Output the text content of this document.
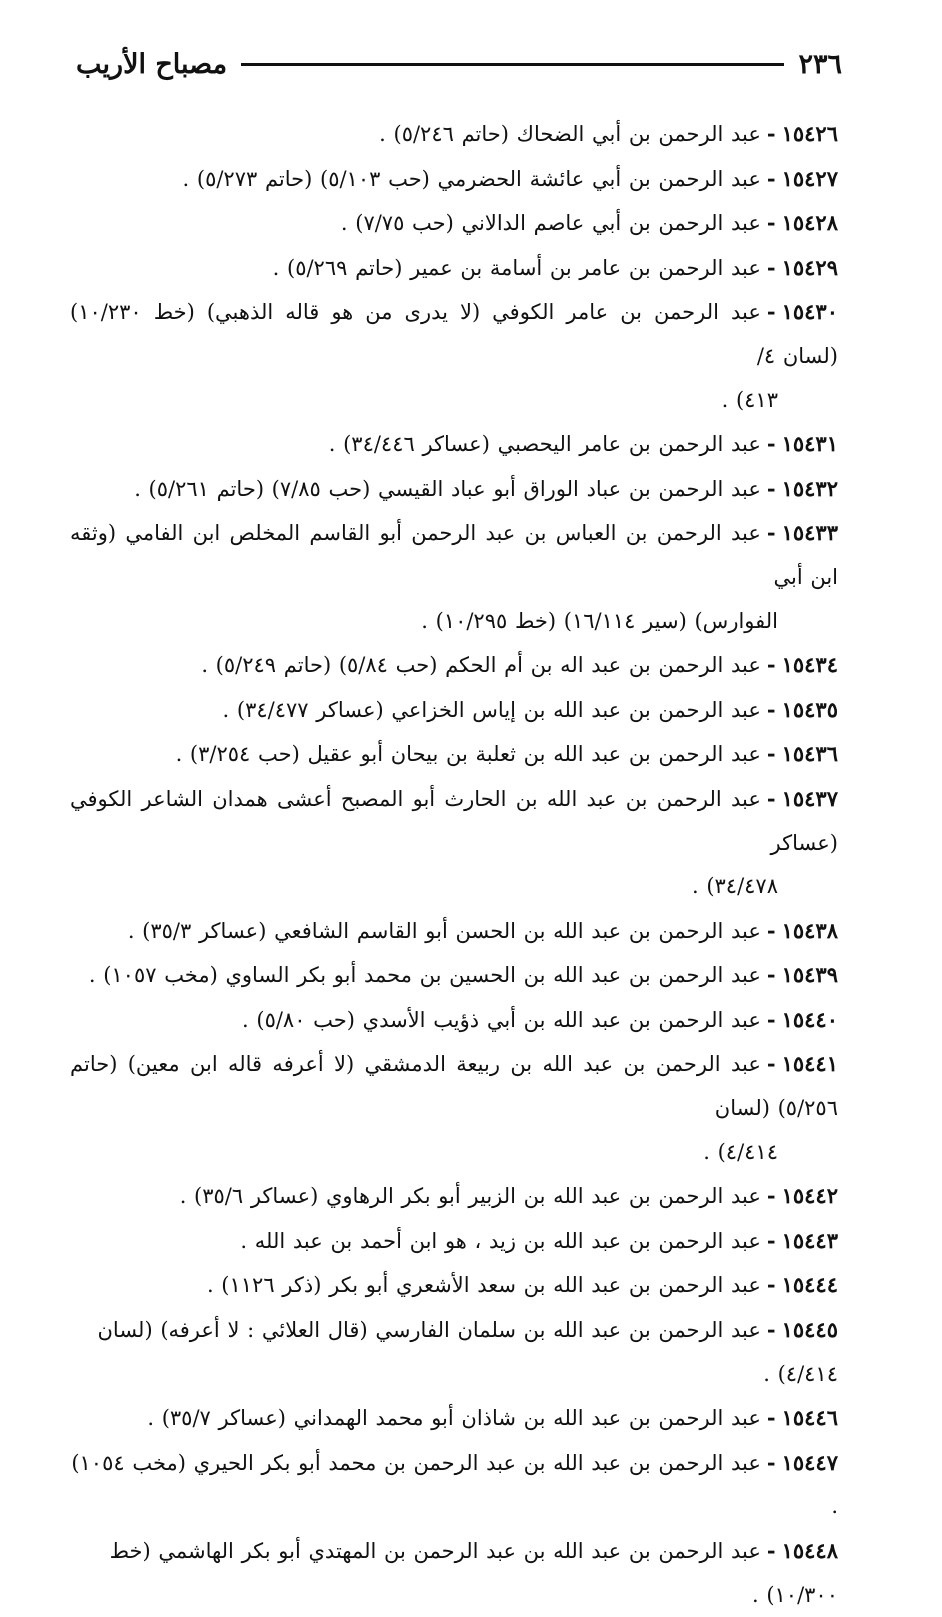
٢٣٦
مصباح الأريب

١٥٤٢٦-عبد الرحمن بن أبي الضحاك (حاتم ٥/٢٤٦) .

١٥٤٢٧-عبد الرحمن بن أبي عائشة الحضرمي (حب ٥/١٠٣) (حاتم ٥/٢٧٣) .

١٥٤٢٨-عبد الرحمن بن أبي عاصم الدالاني (حب ٧/٧٥) .

١٥٤٢٩-عبد الرحمن بن عامر بن أسامة بن عمير (حاتم ٥/٢٦٩) .

١٥٤٣٠-عبد الرحمن بن عامر الكوفي (لا يدرى من هو قاله الذهبي) (خط ١٠/٢٣٠) (لسان ٤/
٤١٣) .

١٥٤٣١-عبد الرحمن بن عامر اليحصبي (عساكر ٣٤/٤٤٦) .

١٥٤٣٢-عبد الرحمن بن عباد الوراق أبو عباد القيسي (حب ٧/٨٥) (حاتم ٥/٢٦١) .

١٥٤٣٣-عبد الرحمن بن العباس بن عبد الرحمن أبو القاسم المخلص ابن الفامي (وثقه ابن أبي
الفوارس) (سير ١٦/١١٤) (خط ١٠/٢٩٥) .

١٥٤٣٤-عبد الرحمن بن عبد اله بن أم الحكم (حب ٥/٨٤) (حاتم ٥/٢٤٩) .

١٥٤٣٥-عبد الرحمن بن عبد الله بن إياس الخزاعي (عساكر ٣٤/٤٧٧) .

١٥٤٣٦-عبد الرحمن بن عبد الله بن ثعلبة بن بيحان أبو عقيل (حب ٣/٢٥٤) .

١٥٤٣٧-عبد الرحمن بن عبد الله بن الحارث أبو المصبح أعشى همدان الشاعر الكوفي (عساكر
٣٤/٤٧٨) .

١٥٤٣٨-عبد الرحمن بن عبد الله بن الحسن أبو القاسم الشافعي (عساكر ٣٥/٣) .

١٥٤٣٩-عبد الرحمن بن عبد الله بن الحسين بن محمد أبو بكر الساوي (مخب ١٠٥٧) .

١٥٤٤٠-عبد الرحمن بن عبد الله بن أبي ذؤيب الأسدي (حب ٥/٨٠) .

١٥٤٤١-عبد الرحمن بن عبد الله بن ربيعة الدمشقي (لا أعرفه قاله ابن معين) (حاتم ٥/٢٥٦) (لسان
٤/٤١٤) .

١٥٤٤٢-عبد الرحمن بن عبد الله بن الزبير أبو بكر الرهاوي (عساكر ٣٥/٦) .

١٥٤٤٣-عبد الرحمن بن عبد الله بن زيد ، هو ابن أحمد بن عبد الله .

١٥٤٤٤-عبد الرحمن بن عبد الله بن سعد الأشعري أبو بكر (ذكر ١١٢٦) .

١٥٤٤٥-عبد الرحمن بن عبد الله بن سلمان الفارسي (قال العلائي : لا أعرفه) (لسان ٤/٤١٤) .

١٥٤٤٦-عبد الرحمن بن عبد الله بن شاذان أبو محمد الهمداني (عساكر ٣٥/٧) .

١٥٤٤٧-عبد الرحمن بن عبد الله بن عبد الرحمن بن محمد أبو بكر الحيري (مخب ١٠٥٤) .

١٥٤٤٨-عبد الرحمن بن عبد الله بن عبد الرحمن بن المهتدي أبو بكر الهاشمي (خط ١٠/٣٠٠) .
